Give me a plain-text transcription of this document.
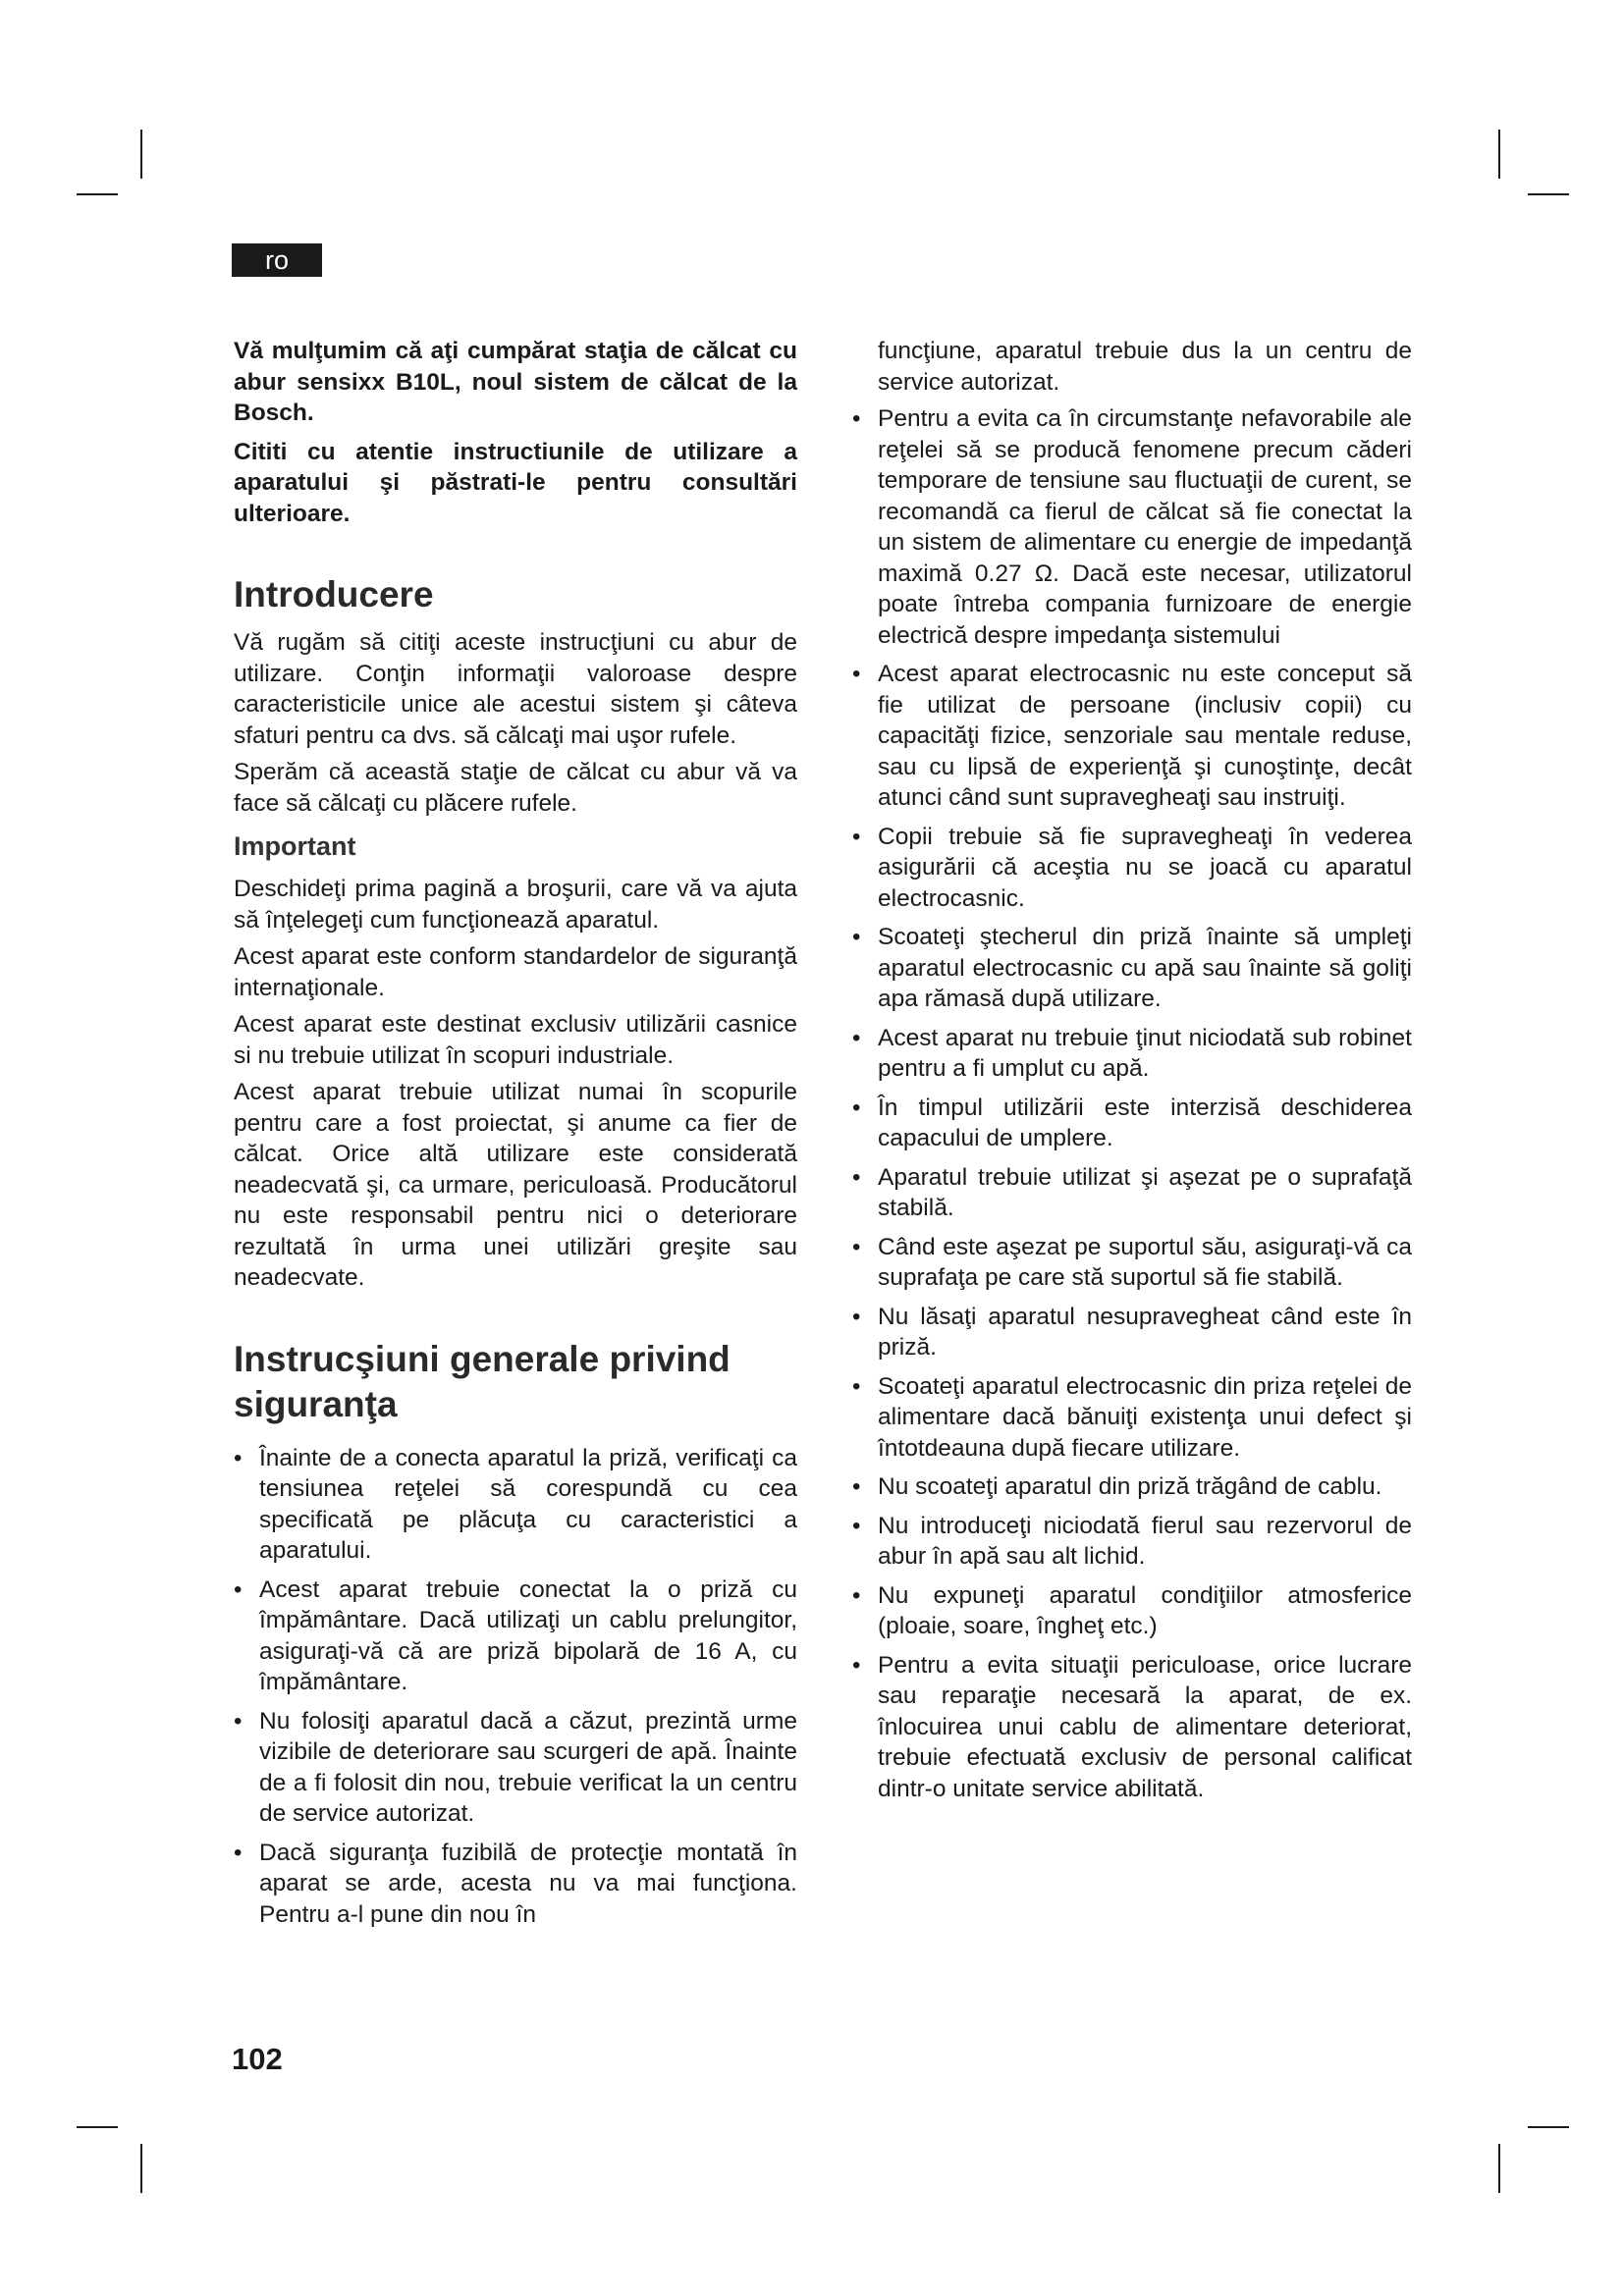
ro

Vă mulţumim că aţi cumpărat staţia de călcat cu abur sensixx B10L, noul sistem de călcat de la Bosch.

Cititi cu atentie instructiunile de utilizare a aparatului şi păstrati-le pentru consultări ulterioare.

Introducere

Vă rugăm să citiţi aceste instrucţiuni cu abur de utilizare. Conţin informaţii valoroase despre caracteristicile unice ale acestui sistem şi câteva sfaturi pentru ca dvs. să călcaţi mai uşor rufele.

Sperăm că această staţie de călcat cu abur vă va face să călcaţi cu plăcere rufele.

Important

Deschideţi prima pagină a broşurii, care vă va ajuta să înţelegeţi cum funcţionează aparatul.

Acest aparat este conform standardelor de siguranţă internaţionale.

Acest aparat este destinat exclusiv utilizării casnice si nu trebuie utilizat în scopuri industriale.

Acest aparat trebuie utilizat numai în scopurile pentru care a fost proiectat, şi anume ca fier de călcat. Orice altă utilizare este considerată neadecvată şi, ca urmare, periculoasă. Producătorul nu este responsabil pentru nici o deteriorare rezultată în urma unei utilizări greşite sau neadecvate.

Instrucşiuni generale privind siguranţa
• Înainte de a conecta aparatul la priză, verificaţi ca tensiunea reţelei să corespundă cu cea specificată pe plăcuţa cu caracteristici a aparatului.
• Acest aparat trebuie conectat la o priză cu împământare. Dacă utilizaţi un cablu prelungitor, asiguraţi-vă că are priză bipolară de 16 A, cu împământare.
• Nu folosiţi aparatul dacă a căzut, prezintă urme vizibile de deteriorare sau scurgeri de apă. Înainte de a fi folosit din nou, trebuie verificat la un centru de service autorizat.
• Dacă siguranţa fuzibilă de protecţie montată în aparat se arde, acesta nu va mai funcţiona. Pentru a-l pune din nou în

funcţiune, aparatul trebuie dus la un centru de service autorizat.

• Pentru a evita ca în circumstanţe nefavorabile ale reţelei să se producă fenomene precum căderi temporare de tensiune sau fluctuaţii de curent, se recomandă ca fierul de călcat să fie conectat la un sistem de alimentare cu energie de impedanţă maximă 0.27 Ω. Dacă este necesar, utilizatorul poate întreba compania furnizoare de energie electrică despre impedanţa sistemului
• Acest aparat electrocasnic nu este conceput să fie utilizat de persoane (inclusiv copii) cu capacităţi fizice, senzoriale sau mentale reduse, sau cu lipsă de experienţă şi cunoştinţe, decât atunci când sunt supravegheaţi sau instruiţi.
• Copii trebuie să fie supravegheaţi în vederea asigurării că aceştia nu se joacă cu aparatul electrocasnic.
• Scoateţi ştecherul din priză înainte să umpleţi aparatul electrocasnic cu apă sau înainte să goliţi apa rămasă după utilizare.
• Acest aparat nu trebuie ţinut niciodată sub robinet pentru a fi umplut cu apă.
• În timpul utilizării este interzisă deschiderea capacului de umplere.
• Aparatul trebuie utilizat şi aşezat pe o suprafaţă stabilă.
• Când este aşezat pe suportul său, asiguraţi-vă ca suprafaţa pe care stă suportul să fie stabilă.
• Nu lăsaţi aparatul nesupravegheat când este în priză.
• Scoateţi aparatul electrocasnic din priza reţelei de alimentare dacă bănuiţi existenţa unui defect şi întotdeauna după fiecare utilizare.
• Nu scoateţi aparatul din priză trăgând de cablu.
• Nu introduceţi niciodată fierul sau rezervorul de abur în apă sau alt lichid.
• Nu expuneţi aparatul condiţiilor atmosferice (ploaie, soare, îngheţ etc.)
• Pentru a evita situaţii periculoase, orice lucrare sau reparaţie necesară la aparat, de ex. înlocuirea unui cablu de alimentare deteriorat, trebuie efectuată exclusiv de personal calificat dintr-o unitate service abilitată.
102
